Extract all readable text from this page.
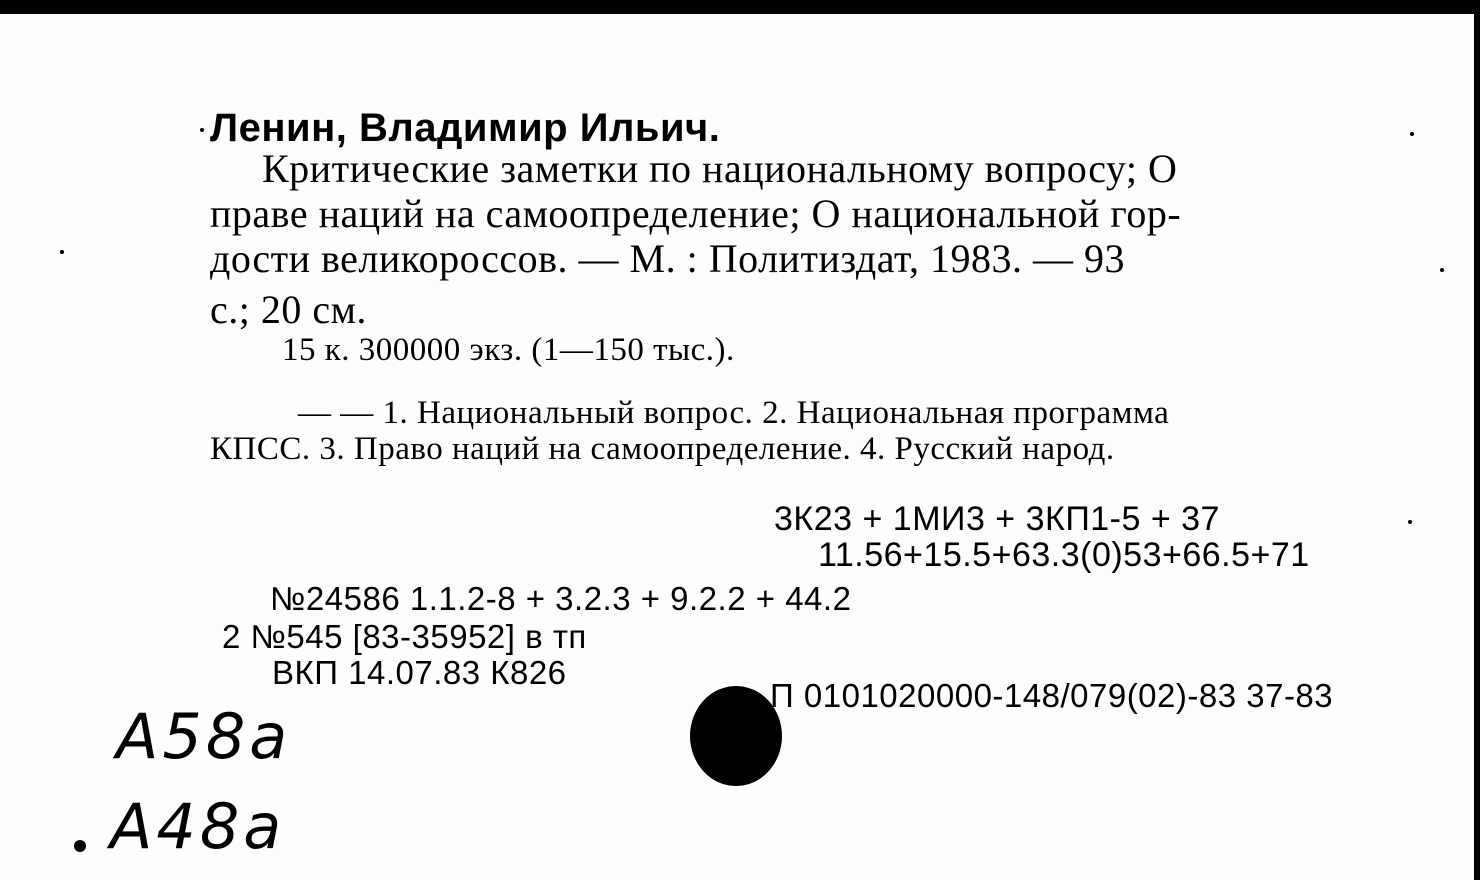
Ленин, Владимир Ильич.
Критические заметки по национальному вопросу; О
праве наций на самоопределение; О национальной гор-
дости великороссов. — М. : Политиздат, 1983. — 93
с.; 20 см.
15 к. 300000 экз. (1—150 тыс.).
— — 1. Национальный вопрос. 2. Национальная программа
КПСС. 3. Право наций на самоопределение. 4. Русский народ.
3К23 + 1МИ3 + 3КП1-5 + 37
11.56+15.5+63.3(0)53+66.5+71
№24586 1.1.2-8 + 3.2.3 + 9.2.2 + 44.2
2 №545 [83-35952] в тп
ВКП 14.07.83 К826
П 0101020000-148/079(02)-83 37-83
А58а
А48а
